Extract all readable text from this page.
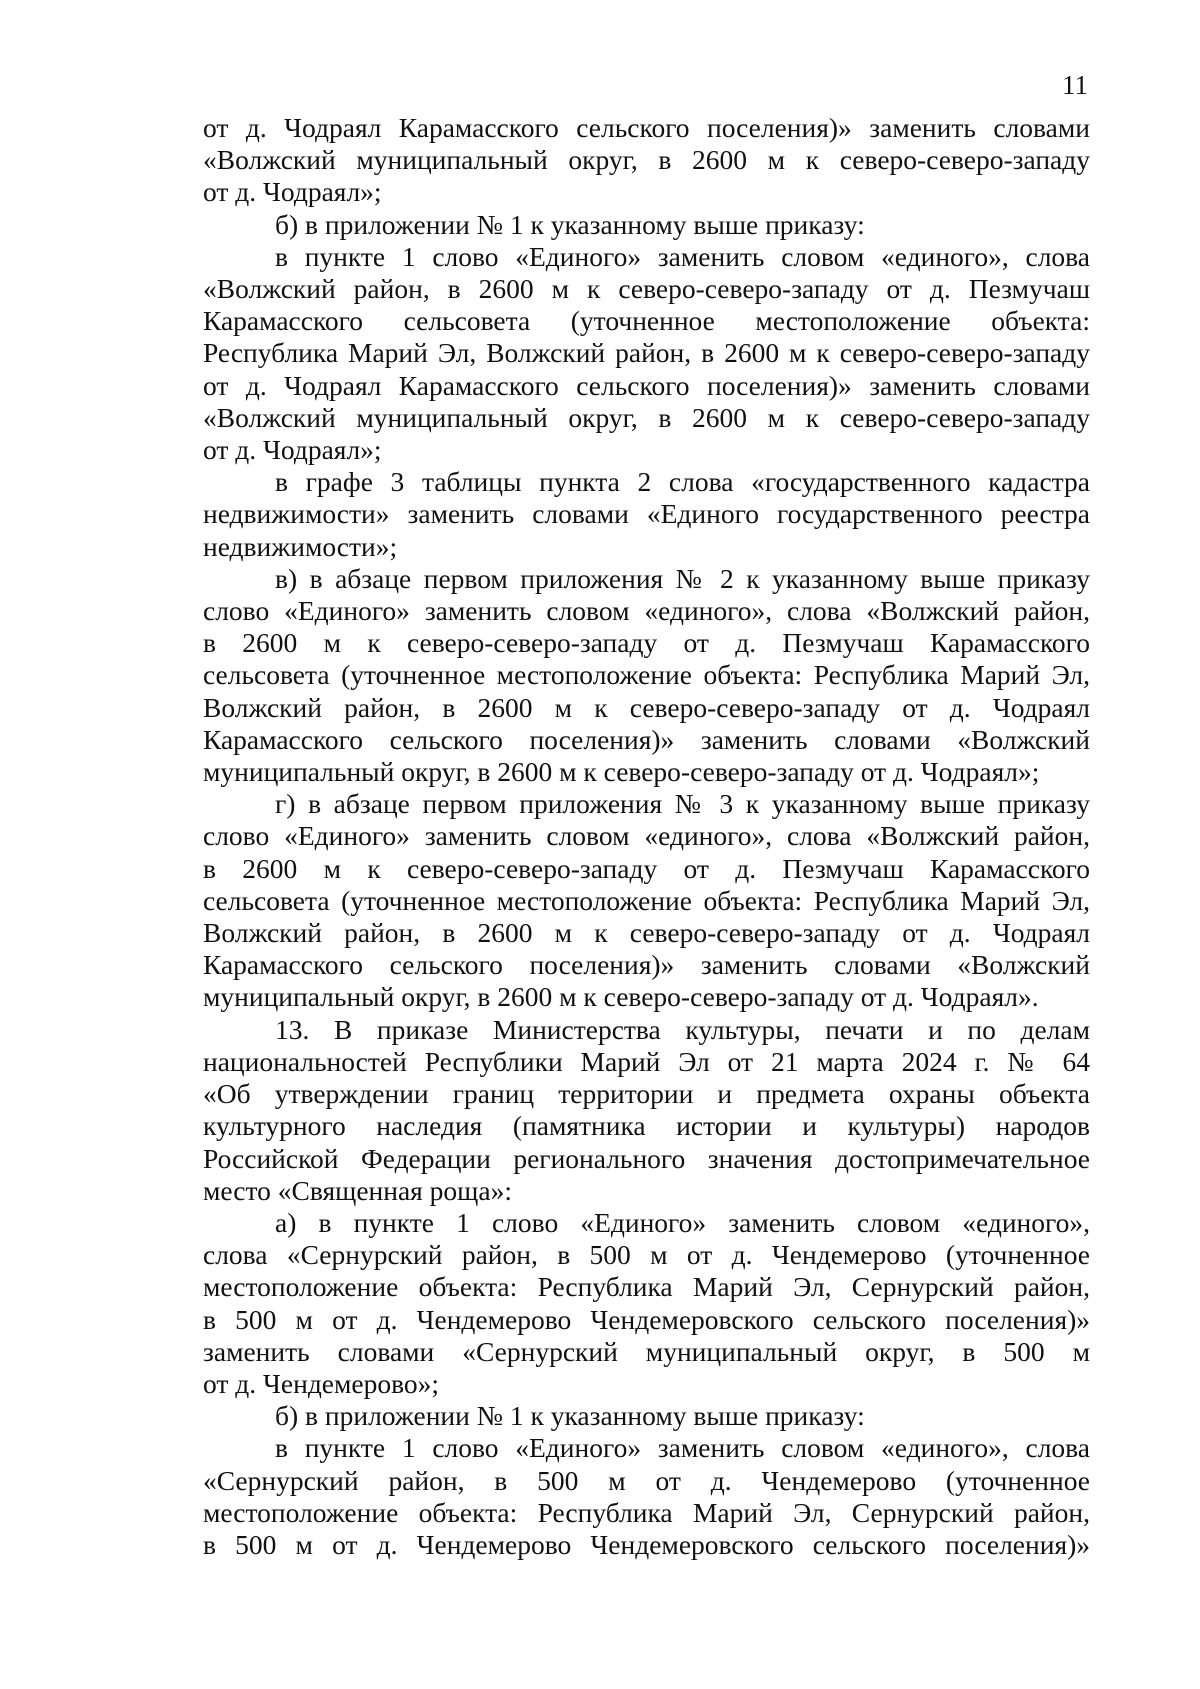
11
от д. Чодраял Карамасского сельского поселения)» заменить словами
«Волжский муниципальный округ, в 2600 м к северо-северо-западу
от д. Чодраял»;
б) в приложении № 1 к указанному выше приказу:
в пункте 1 слово «Единого» заменить словом «единого», слова
«Волжский район, в 2600 м к северо-северо-западу от д. Пезмучаш
Карамасского сельсовета (уточненное местоположение объекта:
Республика Марий Эл, Волжский район, в 2600 м к северо-северо-западу
от д. Чодраял Карамасского сельского поселения)» заменить словами
«Волжский муниципальный округ, в 2600 м к северо-северо-западу
от д. Чодраял»;
в графе 3 таблицы пункта 2 слова «государственного кадастра
недвижимости» заменить словами «Единого государственного реестра
недвижимости»;
в) в абзаце первом приложения № 2 к указанному выше приказу
слово «Единого» заменить словом «единого», слова «Волжский район,
в 2600 м к северо-северо-западу от д. Пезмучаш Карамасского
сельсовета (уточненное местоположение объекта: Республика Марий Эл,
Волжский район, в 2600 м к северо-северо-западу от д. Чодраял
Карамасского сельского поселения)» заменить словами «Волжский
муниципальный округ, в 2600 м к северо-северо-западу от д. Чодраял»;
г) в абзаце первом приложения № 3 к указанному выше приказу
слово «Единого» заменить словом «единого», слова «Волжский район,
в 2600 м к северо-северо-западу от д. Пезмучаш Карамасского
сельсовета (уточненное местоположение объекта: Республика Марий Эл,
Волжский район, в 2600 м к северо-северо-западу от д. Чодраял
Карамасского сельского поселения)» заменить словами «Волжский
муниципальный округ, в 2600 м к северо-северо-западу от д. Чодраял».
13. В приказе Министерства культуры, печати и по делам
национальностей Республики Марий Эл от 21 марта 2024 г. № 64
«Об утверждении границ территории и предмета охраны объекта
культурного наследия (памятника истории и культуры) народов
Российской Федерации регионального значения достопримечательное
место «Священная роща»:
а) в пункте 1 слово «Единого» заменить словом «единого»,
слова «Сернурский район, в 500 м от д. Чендемерово (уточненное
местоположение объекта: Республика Марий Эл, Сернурский район,
в 500 м от д. Чендемерово Чендемеровского сельского поселения)»
заменить словами «Сернурский муниципальный округ, в 500 м
от д. Чендемерово»;
б) в приложении № 1 к указанному выше приказу:
в пункте 1 слово «Единого» заменить словом «единого», слова
«Сернурский район, в 500 м от д. Чендемерово (уточненное
местоположение объекта: Республика Марий Эл, Сернурский район,
в 500 м от д. Чендемерово Чендемеровского сельского поселения)»
